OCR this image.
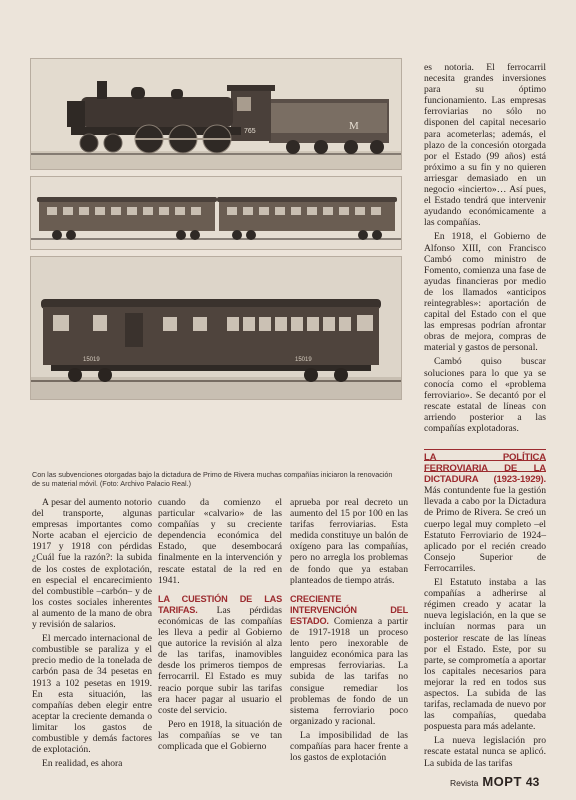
M
765
15019	15019
Con las subvenciones otorgadas bajo la dictadura de Primo de Rivera muchas compañías iniciaron la renovación de su material móvil. (Foto: Archivo Palacio Real.)

es notoria. El ferrocarril necesita grandes inversiones para su óptimo funcionamiento. Las empresas ferroviarias no sólo no disponen del capital necesario para acometerlas; además, el plazo de la concesión otorgada por el Estado (99 años) está próximo a su fin y no quieren arriesgar demasiado en un negocio «incierto»… Así pues, el Estado tendrá que intervenir ayudando económicamente a las compañías.

En 1918, el Gobierno de Alfonso XIII, con Francisco Cambó como ministro de Fomento, comienza una fase de ayudas financieras por medio de los llamados «anticipos reintegrables»: aportación de capital del Estado con el que las empresas podrían afrontar obras de mejora, compras de material y gastos de personal.

Cambó quiso buscar soluciones para lo que ya se conocía como el «problema ferroviario». Se decantó por el rescate estatal de líneas con arriendo posterior a las compañías explotadoras.

LA POLÍTICA FERROVIARIA DE LA DICTADURA (1923-1929). Más contundente fue la gestión llevada a cabo por la Dictadura de Primo de Rivera. Se creó un cuerpo legal muy completo –el Estatuto Ferroviario de 1924– aplicado por el recién creado Consejo Superior de Ferrocarriles.

El Estatuto instaba a las compañías a adherirse al régimen creado y acatar la nueva legislación, en la que se incluían normas para un posterior rescate de las líneas por el Estado. Este, por su parte, se comprometía a aportar los capitales necesarios para mejorar la red en todos sus aspectos. La subida de las tarifas, reclamada de nuevo por las compañías, quedaba pospuesta para más adelante.

La nueva legislación pro rescate estatal nunca se aplicó. La subida de las tarifas

A pesar del aumento notorio del transporte, algunas empresas importantes como Norte acaban el ejercicio de 1917 y 1918 con pérdidas ¿Cuál fue la razón?: la subida de los costes de explotación, en especial el encarecimiento del combustible –carbón– y de los costes sociales inherentes al aumento de la mano de obra y revisión de salarios.

El mercado internacional de combustible se paraliza y el precio medio de la tonelada de carbón pasa de 34 pesetas en 1913 a 102 pesetas en 1919. En esta situación, las compañías deben elegir entre aceptar la creciente demanda o limitar los gastos de combustible y demás factores de explotación.

En realidad, es ahora

cuando da comienzo el particular «calvario» de las compañías y su creciente dependencia económica del Estado, que desembocará finalmente en la intervención y rescate estatal de la red en 1941.

LA CUESTIÓN DE LAS TARIFAS. Las pérdidas económicas de las compañías les lleva a pedir al Gobierno que autorice la revisión al alza de las tarifas, inamovibles desde los primeros tiempos de ferrocarril. El Estado es muy reacio porque subir las tarifas era hacer pagar al usuario el coste del servicio.

Pero en 1918, la situación de las compañías se ve tan complicada que el Gobierno

aprueba por real decreto un aumento del 15 por 100 en las tarifas ferroviarias. Esta medida constituye un balón de oxígeno para las compañías, pero no arregla los problemas de fondo que ya estaban planteados de tiempo atrás.

CRECIENTE INTERVENCIÓN DEL ESTADO. Comienza a partir de 1917-1918 un proceso lento pero inexorable de languidez económica para las empresas ferroviarias. La subida de las tarifas no consigue remediar los problemas de fondo de un sistema ferroviario poco organizado y racional.

La imposibilidad de las compañías para hacer frente a los gastos de explotación

Revista MOPT 43
